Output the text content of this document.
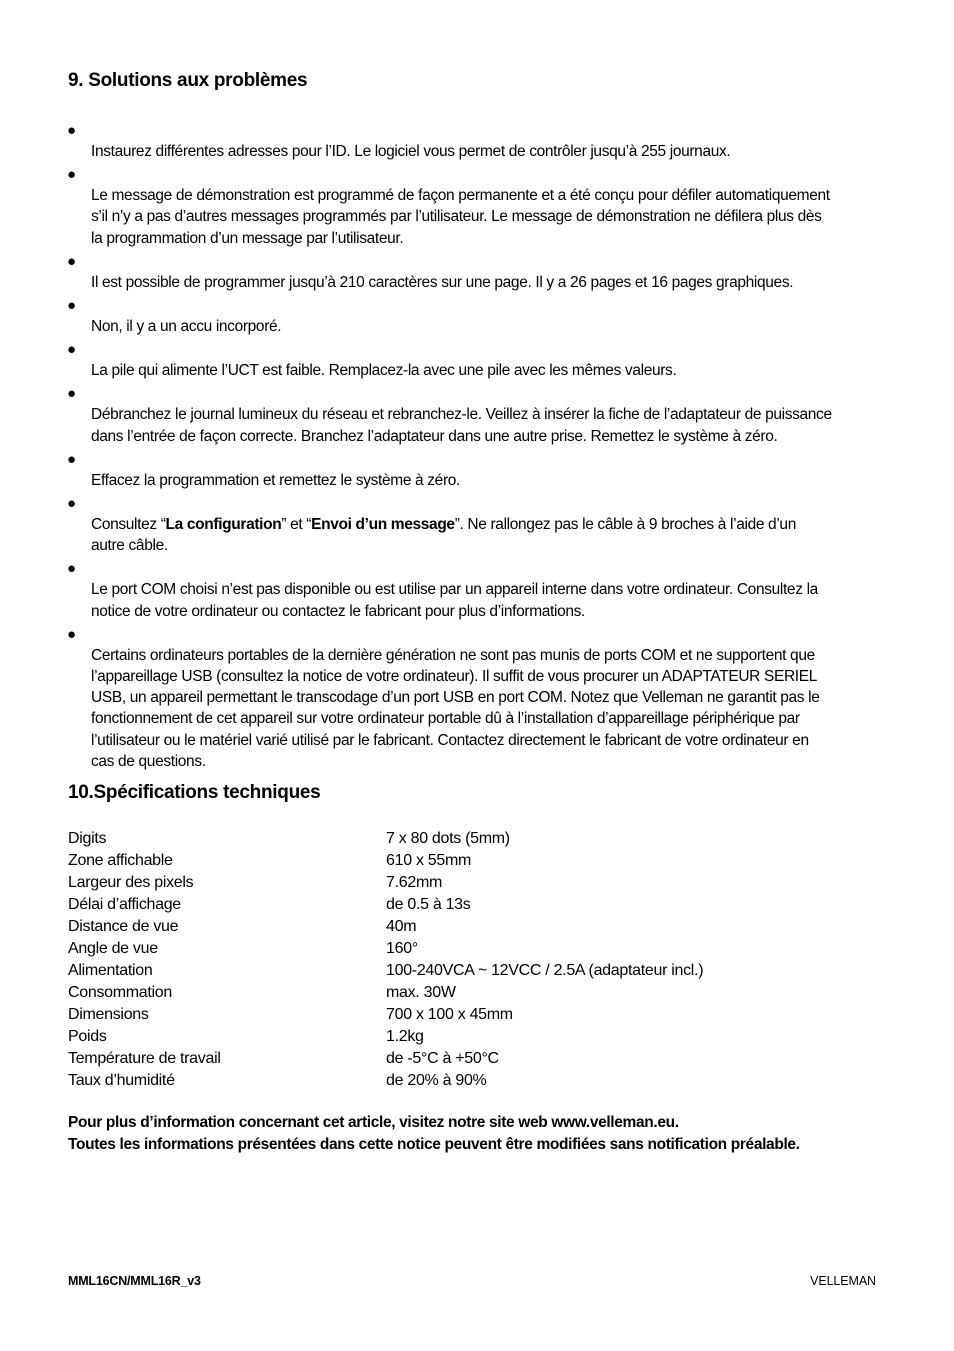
9. Solutions aux problèmes
●
Instaurez différentes adresses pour l’ID. Le logiciel vous permet de contrôler jusqu’à 255 journaux.
●
Le message de démonstration est programmé de façon permanente et a été conçu pour défiler automatiquement
s’il n’y a pas d’autres messages programmés par l’utilisateur. Le message de démonstration ne défilera plus dès
la programmation d’un message par l’utilisateur.
●
Il est possible de programmer jusqu’à 210 caractères sur une page. Il y a 26 pages et 16 pages graphiques.
●
Non, il y a un accu incorporé.
●
La pile qui alimente l’UCT est faible. Remplacez-la avec une pile avec les mêmes valeurs.
●
Débranchez le journal lumineux du réseau et rebranchez-le. Veillez à insérer la fiche de l’adaptateur de puissance
dans l’entrée de façon correcte. Branchez l’adaptateur dans une autre prise. Remettez le système à zéro.
●
Effacez la programmation et remettez le système à zéro.
●
Consultez “La configuration” et “Envoi d’un message”. Ne rallongez pas le câble à 9 broches à l’aide d’un
autre câble.
●
Le port COM choisi n’est pas disponible ou est utilise par un appareil interne dans votre ordinateur. Consultez la
notice de votre ordinateur ou contactez le fabricant pour plus d’informations.
●
Certains ordinateurs portables de la dernière génération ne sont pas munis de ports COM et ne supportent que
l’appareillage USB (consultez la notice de votre ordinateur). Il suffit de vous procurer un ADAPTATEUR SERIEL
USB, un appareil permettant le transcodage d’un port USB en port COM. Notez que Velleman ne garantit pas le
fonctionnement de cet appareil sur votre ordinateur portable dû à l’installation d’appareillage périphérique par
l’utilisateur ou le matériel varié utilisé par le fabricant. Contactez directement le fabricant de votre ordinateur en
cas de questions.
10.Spécifications techniques
Digits	7 x 80 dots (5mm)
Zone affichable	610 x 55mm
Largeur des pixels	7.62mm
Délai d’affichage	de 0.5 à 13s
Distance de vue	40m
Angle de vue	160°
Alimentation	100-240VCA ~ 12VCC / 2.5A (adaptateur incl.)
Consommation	max. 30W
Dimensions	700 x 100 x 45mm
Poids	1.2kg
Température de travail	de -5°C à +50°C
Taux d’humidité	de 20% à 90%
Pour plus d’information concernant cet article, visitez notre site web www.velleman.eu.
Toutes les informations présentées dans cette notice peuvent être modifiées sans notification préalable.
MML16CN/MML16R_v3	VELLEMAN
